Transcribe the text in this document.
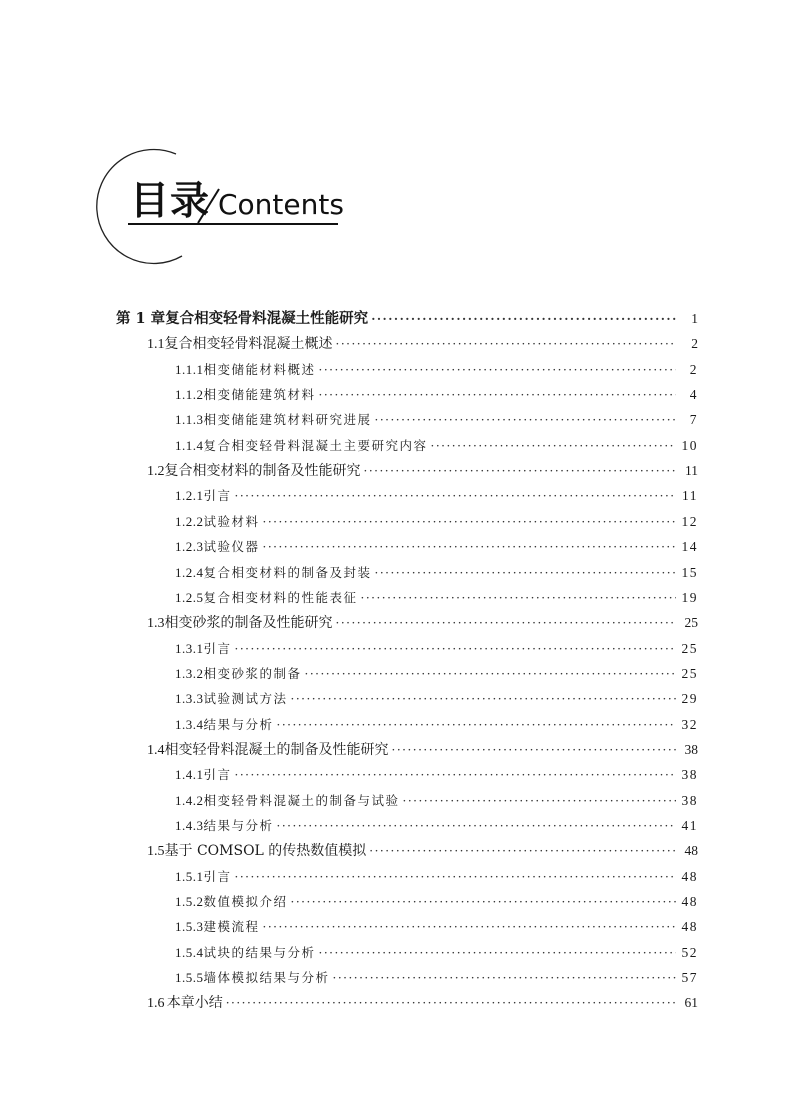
目录 Contents
第 1 章 复合相变轻骨料混凝土性能研究 ·····	1
1.1 复合相变轻骨料混凝土概述 ·····	2
1.1.1 相变储能材料概述 ·····	2
1.1.2 相变储能建筑材料 ·····	4
1.1.3 相变储能建筑材料研究进展 ·····	7
1.1.4 复合相变轻骨料混凝土主要研究内容 ·····	10
1.2 复合相变材料的制备及性能研究 ·····	11
1.2.1 引言 ·····	11
1.2.2 试验材料 ·····	12
1.2.3 试验仪器 ·····	14
1.2.4 复合相变材料的制备及封装 ·····	15
1.2.5 复合相变材料的性能表征 ·····	19
1.3 相变砂浆的制备及性能研究 ·····	25
1.3.1 引言 ·····	25
1.3.2 相变砂浆的制备 ·····	25
1.3.3 试验测试方法 ·····	29
1.3.4 结果与分析 ·····	32
1.4 相变轻骨料混凝土的制备及性能研究 ·····	38
1.4.1 引言 ·····	38
1.4.2 相变轻骨料混凝土的制备与试验 ·····	38
1.4.3 结果与分析 ·····	41
1.5 基于 COMSOL 的传热数值模拟 ·····	48
1.5.1 引言 ·····	48
1.5.2 数值模拟介绍 ·····	48
1.5.3 建模流程 ·····	48
1.5.4 试块的结果与分析 ·····	52
1.5.5 墙体模拟结果与分析 ·····	57
1.6 本章小结 ·····	61
